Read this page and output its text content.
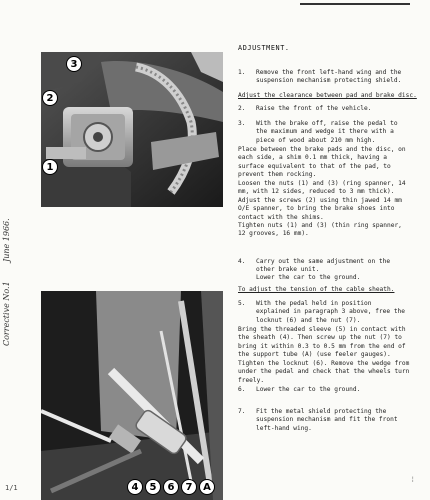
June 1966.
Corrective No.1
1/1
¦
3
2
1
4	5	6	7	A
ADJUSTMENT.
1.	Remove the front left-hand wing and the suspension mechanism protecting shield.
Adjust the clearance between pad and brake disc.
2.	Raise the front of the vehicle.
3.	With the brake off, raise the pedal to the maximum and wedge it there with a piece of wood about 210 mm high.
Place between the brake pads and the disc, on each side, a shim 0.1 mm thick, having a surface equivalent to that of the pad, to prevent them rocking.
Loosen the nuts (1) and (3) (ring spanner, 14 mm, with 12 sides, reduced to 3 mm thick).
Adjust the screws (2) using thin jawed 14 mm O/E spanner, to bring the brake shoes into contact with the shims.
Tighten nuts (1) and (3) (thin ring spanner, 12 grooves, 16 mm).
4.	Carry out the same adjustment on the other brake unit.
Lower the car to the ground.
To adjust the tension of the cable sheath.
5.	With the pedal held in position explained in paragraph 3 above, free the locknut (6) and the nut (7).
Bring the threaded sleeve (5) in contact with the sheath (4). Then screw up the nut (7) to bring it within 0.3 to 0.5 mm from the end of the support tube (A) (use feeler gauges).
Tighten the locknut (6). Remove the wedge from under the pedal and check that the wheels turn freely.
6.	Lower the car to the ground.
7.	Fit the metal shield protecting the suspension mechanism and fit the front left-hand wing.
